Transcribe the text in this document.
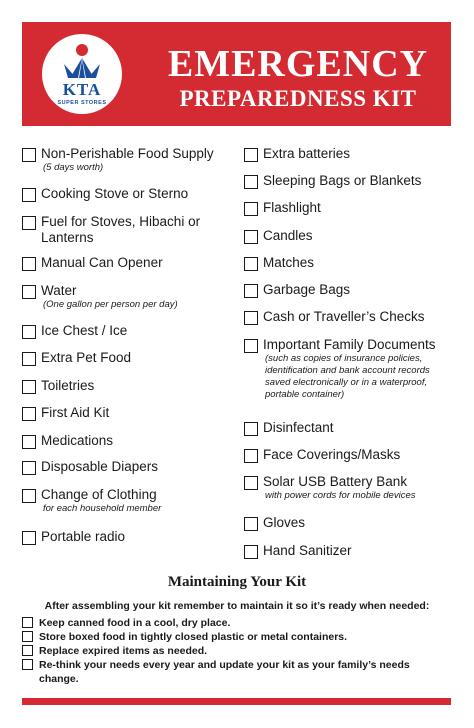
KTA
SUPER STORES
EMERGENCY
PREPAREDNESS KIT
Non-Perishable Food Supply
(5 days worth)
Cooking Stove or Sterno
Fuel for Stoves, Hibachi or Lanterns
Manual Can Opener
Water
(One gallon per person per day)
Ice Chest / Ice
Extra Pet Food
Toiletries
First Aid Kit
Medications
Disposable Diapers
Change of Clothing
for each household member
Portable radio
Extra batteries
Sleeping Bags or Blankets
Flashlight
Candles
Matches
Garbage Bags
Cash or Traveller’s Checks
Important Family Documents
(such as copies of insurance policies, identification and bank account records saved electronically or in a waterproof, portable container)
Disinfectant
Face Coverings/Masks
Solar USB Battery Bank
with power cords for mobile devices
Gloves
Hand Sanitizer
Maintaining Your Kit
After assembling your kit remember to maintain it so it’s ready when needed:
Keep canned food in a cool, dry place.
Store boxed food in tightly closed plastic or metal containers.
Replace expired items as needed.
Re-think your needs every year and update your kit as your family’s needs change.
